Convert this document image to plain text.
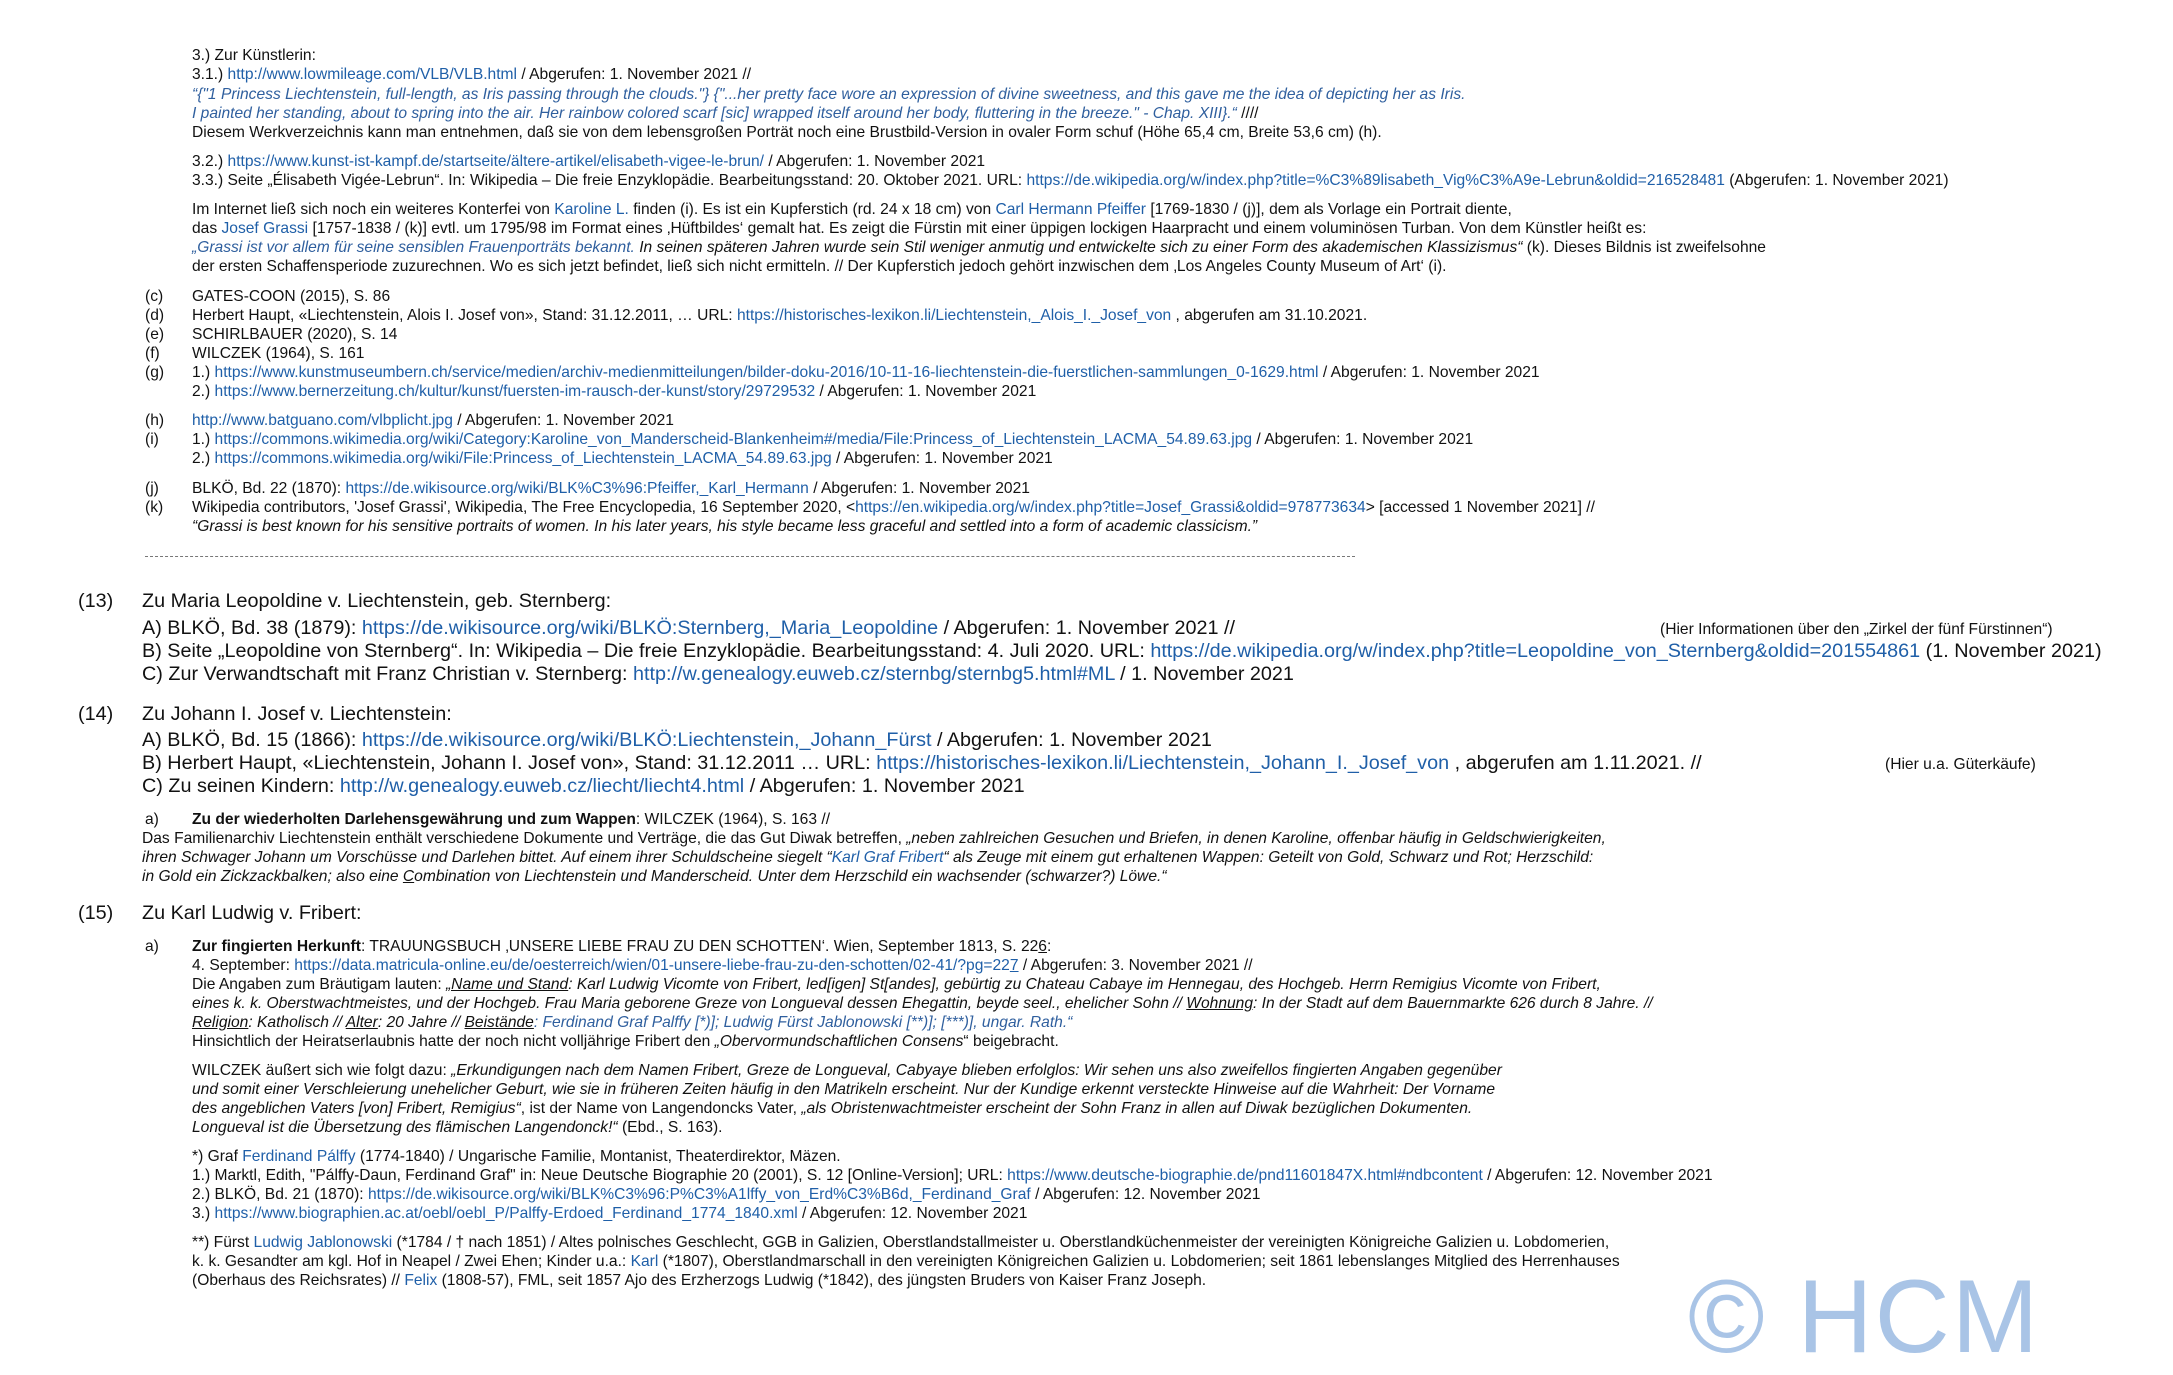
3.) Zur Künstlerin:
3.1.) http://www.lowmileage.com/VLB/VLB.html / Abgerufen: 1. November 2021 //
“{"1 Princess Liechtenstein, full-length, as Iris passing through the clouds."} {"...her pretty face wore an expression of divine sweetness, and this gave me the idea of depicting her as Iris.
I painted her standing, about to spring into the air. Her rainbow colored scarf [sic] wrapped itself around her body, fluttering in the breeze." - Chap. XIII}.“ ////
Diesem Werkverzeichnis kann man entnehmen, daß sie von dem lebensgroßen Porträt noch eine Brustbild-Version in ovaler Form schuf (Höhe 65,4 cm, Breite 53,6 cm) (h).
3.2.) https://www.kunst-ist-kampf.de/startseite/ältere-artikel/elisabeth-vigee-le-brun/ / Abgerufen: 1. November 2021
3.3.) Seite „Élisabeth Vigée-Lebrun“. In: Wikipedia – Die freie Enzyklopädie. Bearbeitungsstand: 20. Oktober 2021. URL: https://de.wikipedia.org/w/index.php?title=%C3%89lisabeth_Vig%C3%A9e-Lebrun&oldid=216528481 (Abgerufen: 1. November 2021)
Im Internet ließ sich noch ein weiteres Konterfei von Karoline L. finden (i). Es ist ein Kupferstich (rd. 24 x 18 cm) von Carl Hermann Pfeiffer [1769-1830 / (j)], dem als Vorlage ein Portrait diente,
das Josef Grassi [1757-1838 / (k)] evtl. um 1795/98 im Format eines ‚Hüftbildes‘ gemalt hat. Es zeigt die Fürstin mit einer üppigen lockigen Haarpracht und einem voluminösen Turban. Von dem Künstler heißt es:
„Grassi ist vor allem für seine sensiblen Frauenporträts bekannt. In seinen späteren Jahren wurde sein Stil weniger anmutig und entwickelte sich zu einer Form des akademischen Klassizismus“ (k). Dieses Bildnis ist zweifelsohne
der ersten Schaffensperiode zuzurechnen. Wo es sich jetzt befindet, ließ sich nicht ermitteln. // Der Kupferstich jedoch gehört inzwischen dem ‚Los Angeles County Museum of Art‘ (i).
(c) GATES-COON (2015), S. 86
(d) Herbert Haupt, «Liechtenstein, Alois I. Josef von», Stand: 31.12.2011, … URL: https://historisches-lexikon.li/Liechtenstein,_Alois_I._Josef_von , abgerufen am 31.10.2021.
(e) SCHIRLBAUER (2020), S. 14
(f) WILCZEK (1964), S. 161
(g) 1.) https://www.kunstmuseumbern.ch/service/medien/archiv-medienmitteilungen/bilder-doku-2016/10-11-16-liechtenstein-die-fuerstlichen-sammlungen_0-1629.html / Abgerufen: 1. November 2021
2.) https://www.bernerzeitung.ch/kultur/kunst/fuersten-im-rausch-der-kunst/story/29729532 / Abgerufen: 1. November 2021
(h) http://www.batguano.com/vlbplicht.jpg / Abgerufen: 1. November 2021
(i) 1.) https://commons.wikimedia.org/wiki/Category:Karoline_von_Manderscheid-Blankenheim#/media/File:Princess_of_Liechtenstein_LACMA_54.89.63.jpg / Abgerufen: 1. November 2021
2.) https://commons.wikimedia.org/wiki/File:Princess_of_Liechtenstein_LACMA_54.89.63.jpg / Abgerufen: 1. November 2021
(j) BLKÖ, Bd. 22 (1870): https://de.wikisource.org/wiki/BLK%C3%96:Pfeiffer,_Karl_Hermann / Abgerufen: 1. November 2021
(k) Wikipedia contributors, 'Josef Grassi', Wikipedia, The Free Encyclopedia, 16 September 2020, <https://en.wikipedia.org/w/index.php?title=Josef_Grassi&oldid=978773634> [accessed 1 November 2021] //
“Grassi is best known for his sensitive portraits of women. In his later years, his style became less graceful and settled into a form of academic classicism.”
(13) Zu Maria Leopoldine v. Liechtenstein, geb. Sternberg:
A) BLKÖ, Bd. 38 (1879): https://de.wikisource.org/wiki/BLKÖ:Sternberg,_Maria_Leopoldine / Abgerufen: 1. November 2021 //	(Hier Informationen über den „Zirkel der fünf Fürstinnen“)
B) Seite „Leopoldine von Sternberg“. In: Wikipedia – Die freie Enzyklopädie. Bearbeitungsstand: 4. Juli 2020. URL: https://de.wikipedia.org/w/index.php?title=Leopoldine_von_Sternberg&oldid=201554861 (1. November 2021)
C) Zur Verwandtschaft mit Franz Christian v. Sternberg: http://w.genealogy.euweb.cz/sternbg/sternbg5.html#ML / 1. November 2021
(14) Zu Johann I. Josef v. Liechtenstein:
A) BLKÖ, Bd. 15 (1866): https://de.wikisource.org/wiki/BLKÖ:Liechtenstein,_Johann_Fürst / Abgerufen: 1. November 2021
B) Herbert Haupt, «Liechtenstein, Johann I. Josef von», Stand: 31.12.2011 … URL: https://historisches-lexikon.li/Liechtenstein,_Johann_I._Josef_von , abgerufen am 1.11.2021. //	(Hier u.a. Güterkäufe)
C) Zu seinen Kindern: http://w.genealogy.euweb.cz/liecht/liecht4.html / Abgerufen: 1. November 2021
a) Zu der wiederholten Darlehensgewährung und zum Wappen: WILCZEK (1964), S. 163 //
Das Familienarchiv Liechtenstein enthält verschiedene Dokumente und Verträge, die das Gut Diwak betreffen, „neben zahlreichen Gesuchen und Briefen, in denen Karoline, offenbar häufig in Geldschwierigkeiten,
ihren Schwager Johann um Vorschüsse und Darlehen bittet. Auf einem ihrer Schuldscheine siegelt “Karl Graf Fribert“ als Zeuge mit einem gut erhaltenen Wappen: Geteilt von Gold, Schwarz und Rot; Herzschild:
in Gold ein Zickzackbalken; also eine Combination von Liechtenstein und Manderscheid. Unter dem Herzschild ein wachsender (schwarzer?) Löwe.“
(15) Zu Karl Ludwig v. Fribert:
a) Zur fingierten Herkunft: TRAUUNGSBUCH ‚UNSERE LIEBE FRAU ZU DEN SCHOTTEN‘. Wien, September 1813, S. 226:
4. September: https://data.matricula-online.eu/de/oesterreich/wien/01-unsere-liebe-frau-zu-den-schotten/02-41/?pg=227 / Abgerufen: 3. November 2021 //
Die Angaben zum Bräutigam lauten: „Name und Stand: Karl Ludwig Vicomte von Fribert, led[igen] St[andes], gebürtig zu Chateau Cabaye im Hennegau, des Hochgeb. Herrn Remigius Vicomte von Fribert,
eines k. k. Oberstwachtmeistes, und der Hochgeb. Frau Maria geborene Greze von Longueval dessen Ehegattin, beyde seel., ehelicher Sohn // Wohnung: In der Stadt auf dem Bauernmarkte 626 durch 8 Jahre. //
Religion: Katholisch // Alter: 20 Jahre // Beistände: Ferdinand Graf Palffy [*)]; Ludwig Fürst Jablonowski [**)]; [***)], ungar. Rath.“
Hinsichtlich der Heiratserlaubnis hatte der noch nicht volljährige Fribert den „Obervormundschaftlichen Consens“ beigebracht.
WILCZEK äußert sich wie folgt dazu: „Erkundigungen nach dem Namen Fribert, Greze de Longueval, Cabyaye blieben erfolglos: Wir sehen uns also zweifellos fingierten Angaben gegenüber
und somit einer Verschleierung unehelicher Geburt, wie sie in früheren Zeiten häufig in den Matrikeln erscheint. Nur der Kundige erkennt versteckte Hinweise auf die Wahrheit: Der Vorname
des angeblichen Vaters [von] Fribert, Remigius“, ist der Name von Langendoncks Vater, „als Obristenwachtmeister erscheint der Sohn Franz in allen auf Diwak bezüglichen Dokumenten.
Longueval ist die Übersetzung des flämischen Langendonck!“ (Ebd., S. 163).
*) Graf Ferdinand Pálffy (1774-1840) / Ungarische Familie, Montanist, Theaterdirektor, Mäzen.
1.) Marktl, Edith, "Pálffy-Daun, Ferdinand Graf" in: Neue Deutsche Biographie 20 (2001), S. 12 [Online-Version]; URL: https://www.deutsche-biographie.de/pnd11601847X.html#ndbcontent / Abgerufen: 12. November 2021
2.) BLKÖ, Bd. 21 (1870): https://de.wikisource.org/wiki/BLK%C3%96:P%C3%A1lffy_von_Erd%C3%B6d,_Ferdinand_Graf / Abgerufen: 12. November 2021
3.) https://www.biographien.ac.at/oebl/oebl_P/Palffy-Erdoed_Ferdinand_1774_1840.xml / Abgerufen: 12. November 2021
**) Fürst Ludwig Jablonowski (*1784 / † nach 1851) / Altes polnisches Geschlecht, GGB in Galizien, Oberstlandstallmeister u. Oberstlandküchenmeister der vereinigten Königreiche Galizien u. Lobdomerien,
k. k. Gesandter am kgl. Hof in Neapel / Zwei Ehen; Kinder u.a.: Karl (*1807), Oberstlandmarschall in den vereinigten Königreichen Galizien u. Lobdomerien; seit 1861 lebenslanges Mitglied des Herrenhauses
(Oberhaus des Reichsrates) // Felix (1808-57), FML, seit 1857 Ajo des Erzherzogs Ludwig (*1842), des jüngsten Bruders von Kaiser Franz Joseph.	© HCM
